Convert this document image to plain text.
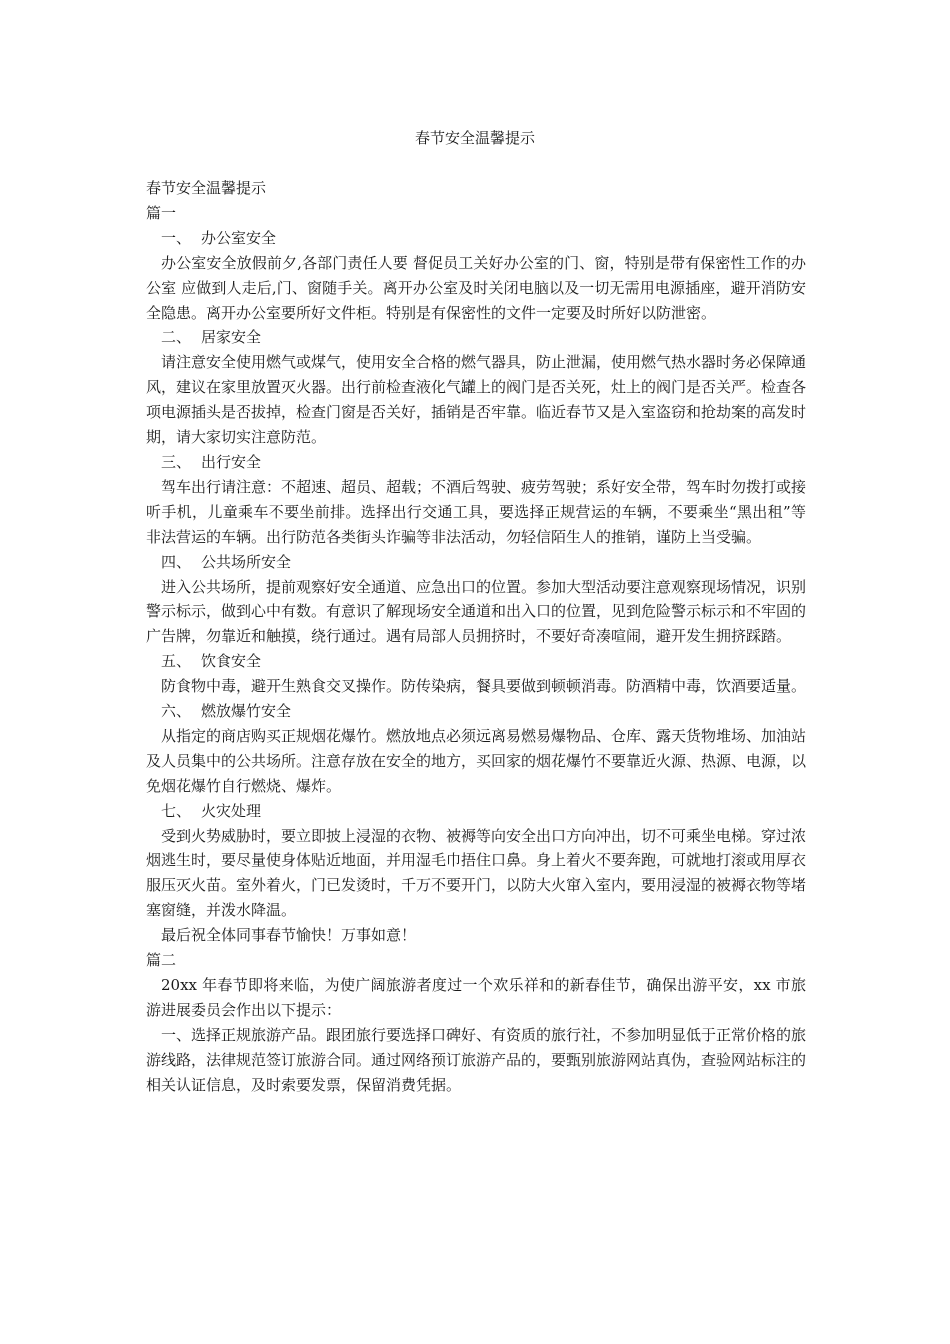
春节安全温馨提示

春节安全温馨提示

篇一

一、 办公室安全

办公室安全放假前夕,各部门责任人要 督促员工关好办公室的门、窗，特别是带有保密性工作的办公室 应做到人走后,门、窗随手关。离开办公室及时关闭电脑以及一切无需用电源插座，避开消防安全隐患。离开办公室要所好文件柜。特别是有保密性的文件一定要及时所好以防泄密。

二、 居家安全

请注意安全使用燃气或煤气，使用安全合格的燃气器具，防止泄漏，使用燃气热水器时务必保障通风，建议在家里放置灭火器。出行前检查液化气罐上的阀门是否关死，灶上的阀门是否关严。检查各项电源插头是否拔掉，检查门窗是否关好，插销是否牢靠。临近春节又是入室盗窃和抢劫案的高发时期，请大家切实注意防范。

三、 出行安全

驾车出行请注意：不超速、超员、超载；不酒后驾驶、疲劳驾驶；系好安全带，驾车时勿拨打或接听手机，儿童乘车不要坐前排。选择出行交通工具，要选择正规营运的车辆，不要乘坐“黑出租”等非法营运的车辆。出行防范各类街头诈骗等非法活动，勿轻信陌生人的推销，谨防上当受骗。

四、 公共场所安全

进入公共场所，提前观察好安全通道、应急出口的位置。参加大型活动要注意观察现场情况，识别警示标示，做到心中有数。有意识了解现场安全通道和出入口的位置，见到危险警示标示和不牢固的广告牌，勿靠近和触摸，绕行通过。遇有局部人员拥挤时，不要好奇凑喧闹，避开发生拥挤踩踏。

五、 饮食安全

防食物中毒，避开生熟食交叉操作。防传染病，餐具要做到顿顿消毒。防酒精中毒，饮酒要适量。

六、 燃放爆竹安全

从指定的商店购买正规烟花爆竹。燃放地点必须远离易燃易爆物品、仓库、露天货物堆场、加油站及人员集中的公共场所。注意存放在安全的地方，买回家的烟花爆竹不要靠近火源、热源、电源，以免烟花爆竹自行燃烧、爆炸。

七、 火灾处理

受到火势威胁时，要立即披上浸湿的衣物、被褥等向安全出口方向冲出，切不可乘坐电梯。穿过浓烟逃生时，要尽量使身体贴近地面，并用湿毛巾捂住口鼻。身上着火不要奔跑，可就地打滚或用厚衣服压灭火苗。室外着火，门已发烫时，千万不要开门，以防大火窜入室内，要用浸湿的被褥衣物等堵塞窗缝，并泼水降温。

最后祝全体同事春节愉快！万事如意！

篇二

20xx 年春节即将来临，为使广阔旅游者度过一个欢乐祥和的新春佳节，确保出游平安，xx 市旅游进展委员会作出以下提示：

一、选择正规旅游产品。跟团旅行要选择口碑好、有资质的旅行社，不参加明显低于正常价格的旅游线路，法律规范签订旅游合同。通过网络预订旅游产品的，要甄别旅游网站真伪，查验网站标注的相关认证信息，及时索要发票，保留消费凭据。
